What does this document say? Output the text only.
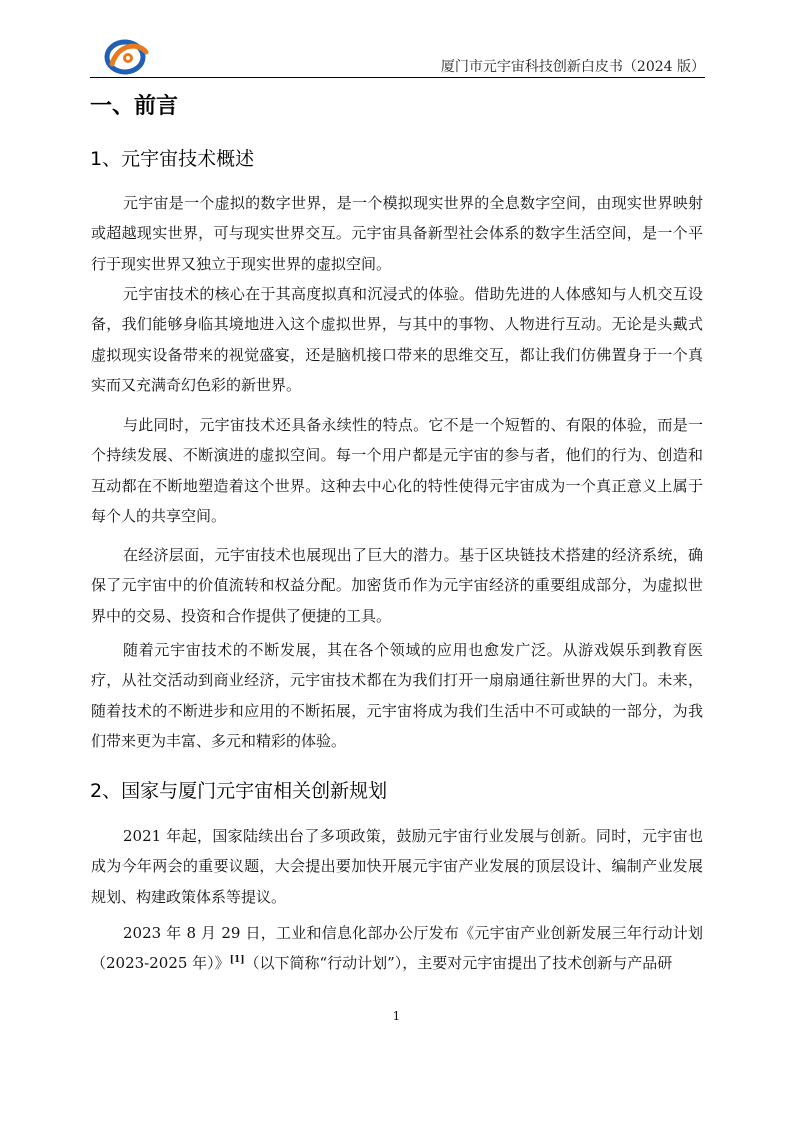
厦门市元宇宙科技创新白皮书（2024 版）
一、前言
1、元宇宙技术概述

元宇宙是一个虚拟的数字世界，是一个模拟现实世界的全息数字空间，由现实世界映射或超越现实世界，可与现实世界交互。元宇宙具备新型社会体系的数字生活空间，是一个平行于现实世界又独立于现实世界的虚拟空间。

元宇宙技术的核心在于其高度拟真和沉浸式的体验。借助先进的人体感知与人机交互设备，我们能够身临其境地进入这个虚拟世界，与其中的事物、人物进行互动。无论是头戴式虚拟现实设备带来的视觉盛宴，还是脑机接口带来的思维交互，都让我们仿佛置身于一个真实而又充满奇幻色彩的新世界。

与此同时，元宇宙技术还具备永续性的特点。它不是一个短暂的、有限的体验，而是一个持续发展、不断演进的虚拟空间。每一个用户都是元宇宙的参与者，他们的行为、创造和互动都在不断地塑造着这个世界。这种去中心化的特性使得元宇宙成为一个真正意义上属于每个人的共享空间。

在经济层面，元宇宙技术也展现出了巨大的潜力。基于区块链技术搭建的经济系统，确保了元宇宙中的价值流转和权益分配。加密货币作为元宇宙经济的重要组成部分，为虚拟世界中的交易、投资和合作提供了便捷的工具。

随着元宇宙技术的不断发展，其在各个领域的应用也愈发广泛。从游戏娱乐到教育医疗，从社交活动到商业经济，元宇宙技术都在为我们打开一扇扇通往新世界的大门。未来，随着技术的不断进步和应用的不断拓展，元宇宙将成为我们生活中不可或缺的一部分，为我们带来更为丰富、多元和精彩的体验。

2、国家与厦门元宇宙相关创新规划

2021 年起，国家陆续出台了多项政策，鼓励元宇宙行业发展与创新。同时，元宇宙也成为今年两会的重要议题，大会提出要加快开展元宇宙产业发展的顶层设计、编制产业发展规划、构建政策体系等提议。

2023 年 8 月 29 日，工业和信息化部办公厅发布《元宇宙产业创新发展三年行动计划（2023-2025 年）》[1]（以下简称“行动计划”），主要对元宇宙提出了技术创新与产品研

1
